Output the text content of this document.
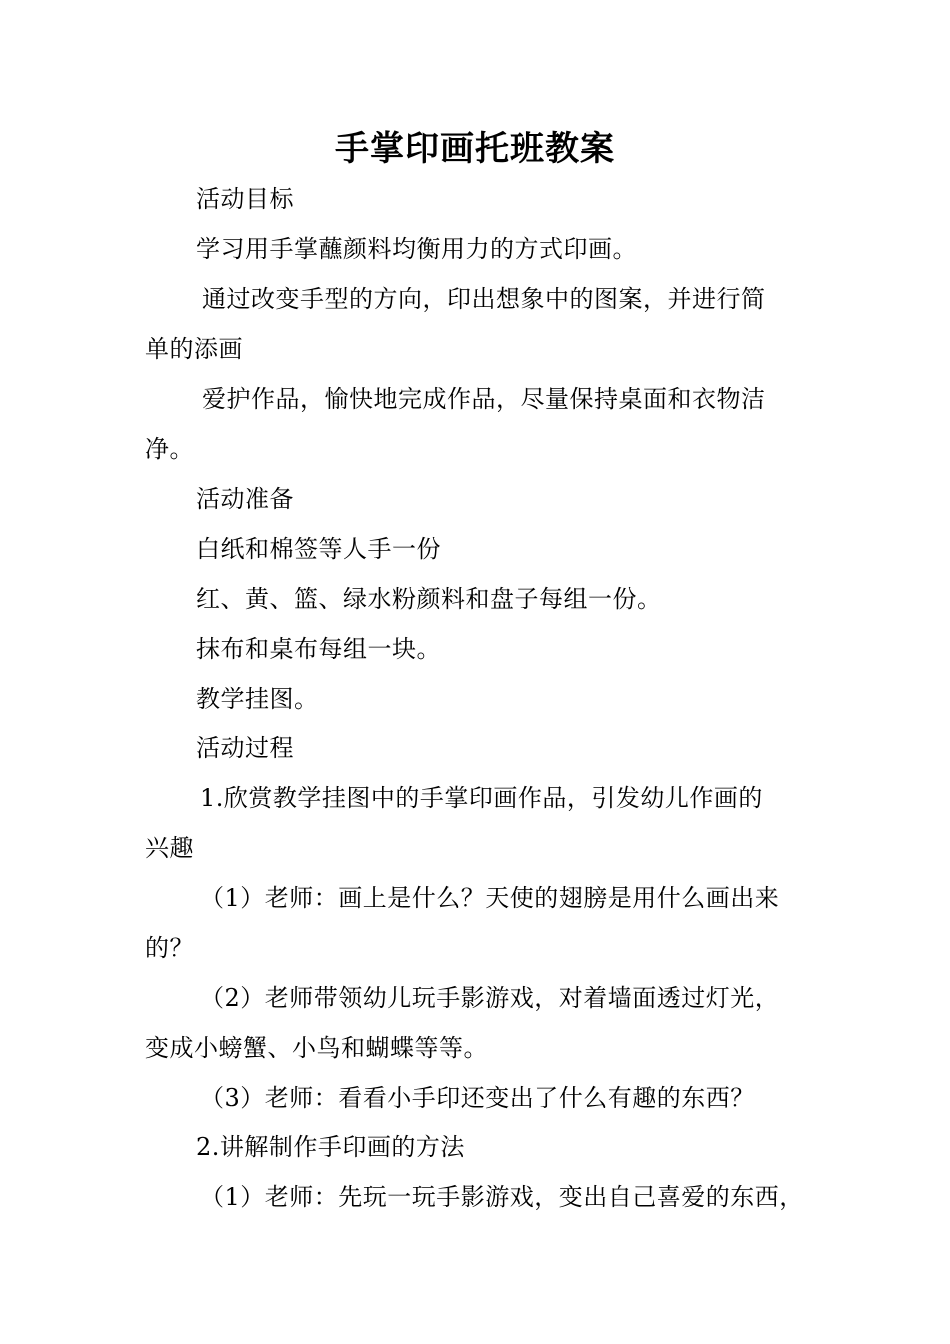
手掌印画托班教案
活动目标
学习用手掌蘸颜料均衡用力的方式印画。
通过改变手型的方向，印出想象中的图案，并进行简
单的添画
爱护作品，愉快地完成作品，尽量保持桌面和衣物洁
净。
活动准备
白纸和棉签等人手一份
红、黄、篮、绿水粉颜料和盘子每组一份。
抹布和桌布每组一块。
教学挂图。
活动过程
1.欣赏教学挂图中的手掌印画作品，引发幼儿作画的
兴趣
（1）老师：画上是什么？天使的翅膀是用什么画出来
的？
（2）老师带领幼儿玩手影游戏，对着墙面透过灯光，
变成小螃蟹、小鸟和蝴蝶等等。
（3）老师：看看小手印还变出了什么有趣的东西？
2.讲解制作手印画的方法
（1）老师：先玩一玩手影游戏，变出自己喜爱的东西，
